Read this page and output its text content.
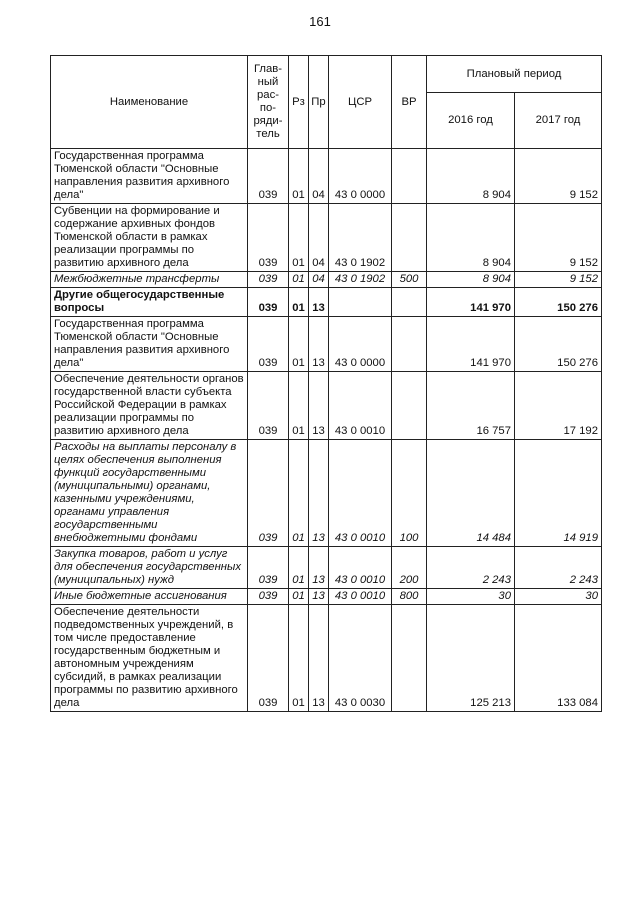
161
Наименование	Глав-ный рас-по-ряди-тель	Рз	Пр	ЦСР	ВР	Плановый период	
						2016 год	2017 год
Государственная программа Тюменской области "Основные направления развития архивного дела"	039	01	04	43 0 0000		8 904	9 152
Субвенции на формирование и содержание архивных фондов Тюменской области в рамках реализации программы по развитию архивного дела	039	01	04	43 0 1902		8 904	9 152
Межбюджетные трансферты	039	01	04	43 0 1902	500	8 904	9 152
Другие общегосударственные вопросы	039	01	13			141 970	150 276
Государственная программа Тюменской области "Основные направления развития архивного дела"	039	01	13	43 0 0000		141 970	150 276
Обеспечение деятельности органов государственной власти субъекта Российской Федерации в рамках реализации программы по развитию архивного дела	039	01	13	43 0 0010		16 757	17 192
Расходы на выплаты персоналу в целях обеспечения выполнения функций государственными (муниципальными) органами, казенными учреждениями, органами управления государственными внебюджетными фондами	039	01	13	43 0 0010	100	14 484	14 919
Закупка товаров, работ и услуг для обеспечения государственных (муниципальных) нужд	039	01	13	43 0 0010	200	2 243	2 243
Иные бюджетные ассигнования	039	01	13	43 0 0010	800	30	30
Обеспечение деятельности подведомственных учреждений, в том числе предоставление государственным бюджетным и автономным учреждениям субсидий, в рамках реализации программы по развитию архивного дела	039	01	13	43 0 0030		125 213	133 084
